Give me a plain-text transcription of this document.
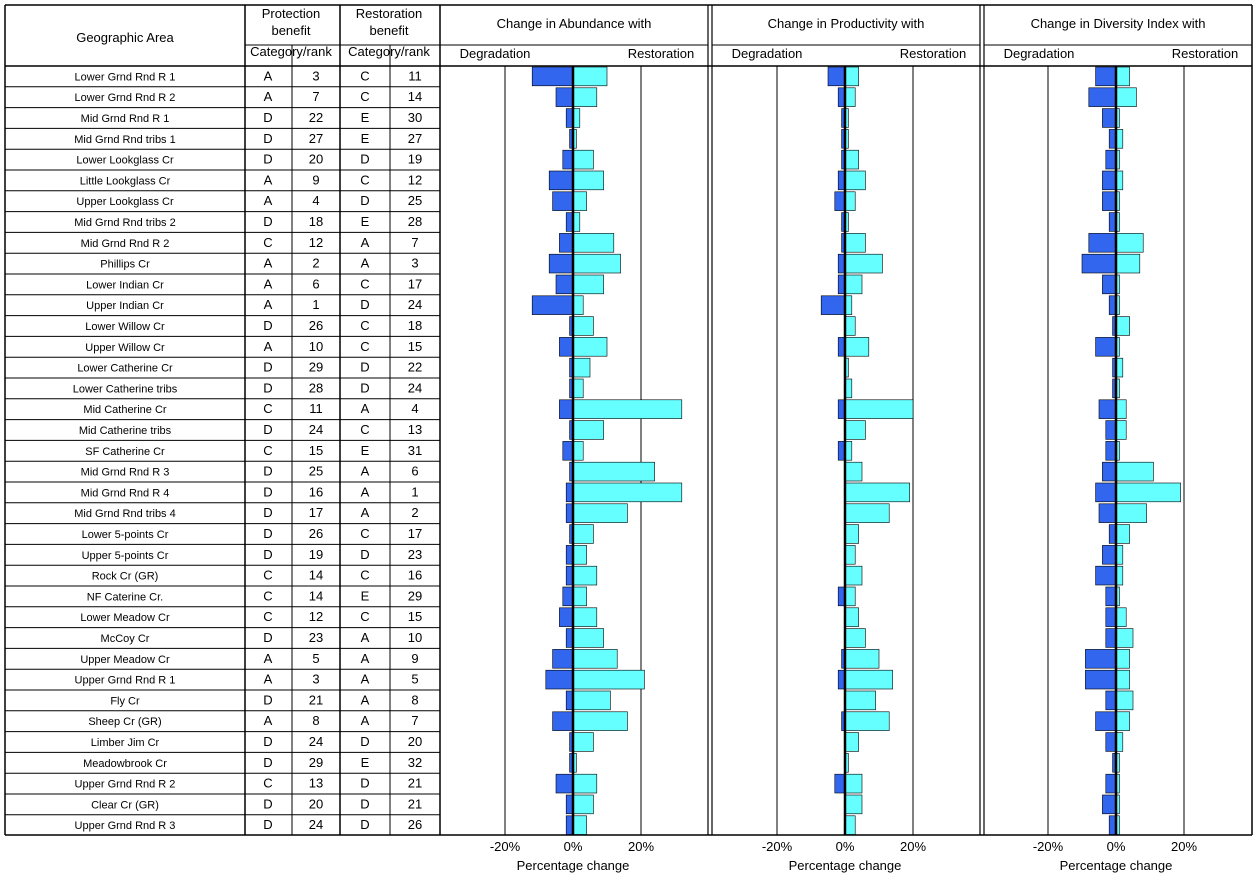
Geographic Area
Protection
benefit
Restoration
benefit
Category/rank Category/rank
Lower Grnd Rnd R 1	A	3	C	11
Lower Grnd Rnd R 2	A	7	C	14
Mid Grnd Rnd R 1	D	22	E	30
Mid Grnd Rnd tribs 1	D	27	E	27
Lower Lookglass Cr	D	20	D	19
Little Lookglass Cr	A	9	C	12
Upper Lookglass Cr	A	4	D	25
Mid Grnd Rnd tribs 2	D	18	E	28
Mid Grnd Rnd R 2	C	12	A	7
Phillips Cr	A	2	A	3
Lower Indian Cr	A	6	C	17
Upper Indian Cr	A	1	D	24
Lower Willow Cr	D	26	C	18
Upper Willow Cr	A	10	C	15
Lower Catherine Cr	D	29	D	22
Lower Catherine tribs	D	28	D	24
Mid Catherine Cr	C	11	A	4
Mid Catherine tribs	D	24	C	13
SF Catherine Cr	C	15	E	31
Mid Grnd Rnd R 3	D	25	A	6
Mid Grnd Rnd R 4	D	16	A	1
Mid Grnd Rnd tribs 4	D	17	A	2
Lower 5-points Cr	D	26	C	17
Upper 5-points Cr	D	19	D	23
Rock Cr (GR)	C	14	C	16
NF Caterine Cr.	C	14	E	29
Lower Meadow Cr	C	12	C	15
McCoy Cr	D	23	A	10
Upper Meadow Cr	A	5	A	9
Upper Grnd Rnd R 1	A	3	A	5
Fly Cr	D	21	A	8
Sheep Cr (GR)	A	8	A	7
Limber Jim Cr	D	24	D	20
Meadowbrook Cr	D	29	E	32
Upper Grnd Rnd R 2	C	13	D	21
Clear Cr (GR)	D	20	D	21
Upper Grnd Rnd R 3	D	24	D	26
Change in Abundance with
Degradation	Restoration
-20%	0%	20%
Percentage change
Change in Productivity with
Degradation	Restoration
-20%	0%	20%
Percentage change
Change in Diversity Index with
Degradation	Restoration
-20%	0%	20%
Percentage change
